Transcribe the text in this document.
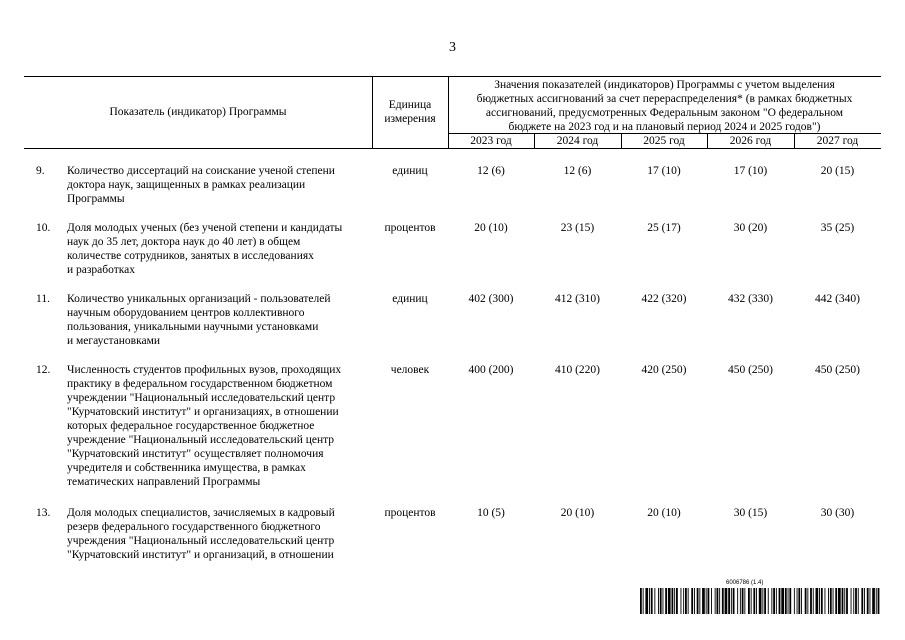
3
Показатель (индикатор) Программы
Единица
измерения
Значения показателей (индикаторов) Программы с учетом выделения
бюджетных ассигнований за счет перераспределения* (в рамках бюджетных
ассигнований, предусмотренных Федеральным законом "О федеральном
бюджете на 2023 год и на плановый период 2024 и 2025 годов")
2023 год	2024 год	2025 год	2026 год	2027 год
9. Количество диссертаций на соискание ученой степени
доктора наук, защищенных в рамках реализации
Программы
единиц	12 (6)	12 (6)	17 (10)	17 (10)	20 (15)
10. Доля молодых ученых (без ученой степени и кандидаты
наук до 35 лет, доктора наук до 40 лет) в общем
количестве сотрудников, занятых в исследованиях
и разработках
процентов	20 (10)	23 (15)	25 (17)	30 (20)	35 (25)
11. Количество уникальных организаций - пользователей
научным оборудованием центров коллективного
пользования, уникальными научными установками
и мегаустановками
единиц	402 (300)	412 (310)	422 (320)	432 (330)	442 (340)
12. Численность студентов профильных вузов, проходящих
практику в федеральном государственном бюджетном
учреждении "Национальный исследовательский центр
"Курчатовский институт" и организациях, в отношении
которых федеральное государственное бюджетное
учреждение "Национальный исследовательский центр
"Курчатовский институт" осуществляет полномочия
учредителя и собственника имущества, в рамках
тематических направлений Программы
человек	400 (200)	410 (220)	420 (250)	450 (250)	450 (250)
13. Доля молодых специалистов, зачисляемых в кадровый
резерв федерального государственного бюджетного
учреждения "Национальный исследовательский центр
"Курчатовский институт" и организаций, в отношении
процентов	10 (5)	20 (10)	20 (10)	30 (15)	30 (30)
6006786 (1.4)
